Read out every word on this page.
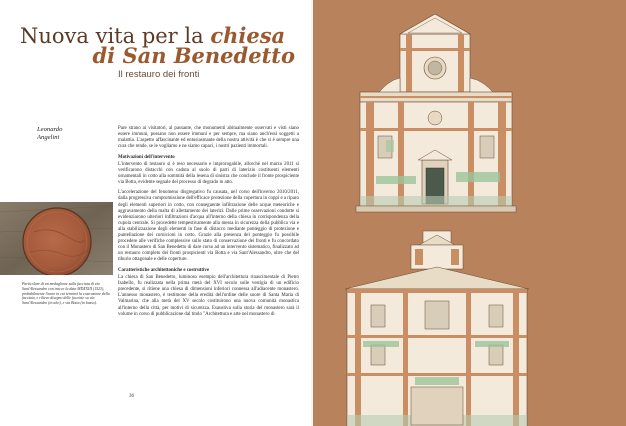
Nuova vita per la chiesa
di San Benedetto
Il restauro dei fronti
Leonardo
Angelini

Pare strano ai visitatori, al passante, che monumenti abitualmente osservati e visti siano essere immuni, possano non essere immuni e per sempre, ma siano anch'essi soggetti a malattia. L'aspetto affascinante ed entusiasmante della nostra attività è che si è sempre una cura che rende, se le vogliamo e ne siamo capaci, i nostri pazienti immortali.

Motivazioni dell'intervento

L'intervento di restauro si è reso necessario e improrogabile, allorché nel marzo 2011 si verificarono distacchi con caduta al suolo di parti di laterizio costituenti elementi ornamentali in cotto alla sommità della lesena di sinistra che conclude il fronte prospiciente via Botta, evidente segnale del processo di degrado in atto.

L'accelerazione del fenomeno disgregativo fu causata, nel corso dell'inverno 2010/2011, dalla progressiva compromissione dell'efficace protezione della copertura in coppi e a riparo degli elementi superiori in cotto, con conseguente infiltrazione delle acque meteoriche e aggravamento della malta di allettamento dei laterizi. Dalle prime osservazioni condotte si evidenziarono ulteriori infiltrazioni d'acqua all'interno della chiesa in corrispondenza della cupola centrale. Si procedette tempestivamente alla messa in sicurezza della pubblica via e alla stabilizzazione degli elementi in fase di distacco mediante ponteggio di protezione e puntellazione dei cornicioni in cotto. Grazie alla presenza del ponteggio fu possibile procedere alle verifiche complessive sullo stato di conservazione dei fronti e fu concordato con il Monastero di San Benedetto di dare corso ad un intervento sistematico, finalizzato ad un restauro completo dei fronti prospicienti via Botta e via Sant'Alessandro, oltre che del tiburio ottagonale e delle coperture.

Caratteristiche architettoniche e costruttive

La chiesa di San Benedetto, luminoso esempio dell'architettura rinascimentale di Pietro Isabello, fu realizzata nella prima metà del XVI secolo sulle vestigia di un edificio precedente, si ritiene una chiesa di dimensioni inferiori connessa all'adiacente monastero. L'annesso monastero, è testimone della eredità dell'ordine delle suore di Santa Maria di Valmarina, che alla metà del XV secolo costituirono una nuova comunità monastica all'interno della città, per motivi di sicurezza. Esaustiva sulla storia del monastero sarà il volume in corso di pubblicazione dal titolo "Architettura e arte nel monastero di

Particolare di un medaglione sulla facciata di via Sant'Alessandro con tracce la data MDXXIII (1523), probabilmente l'anno in cui terminò la costruzione della facciata, e rilievo disegno delle facciate su via Sant'Alessandro (in alto), e via Botta (in basso).
36
